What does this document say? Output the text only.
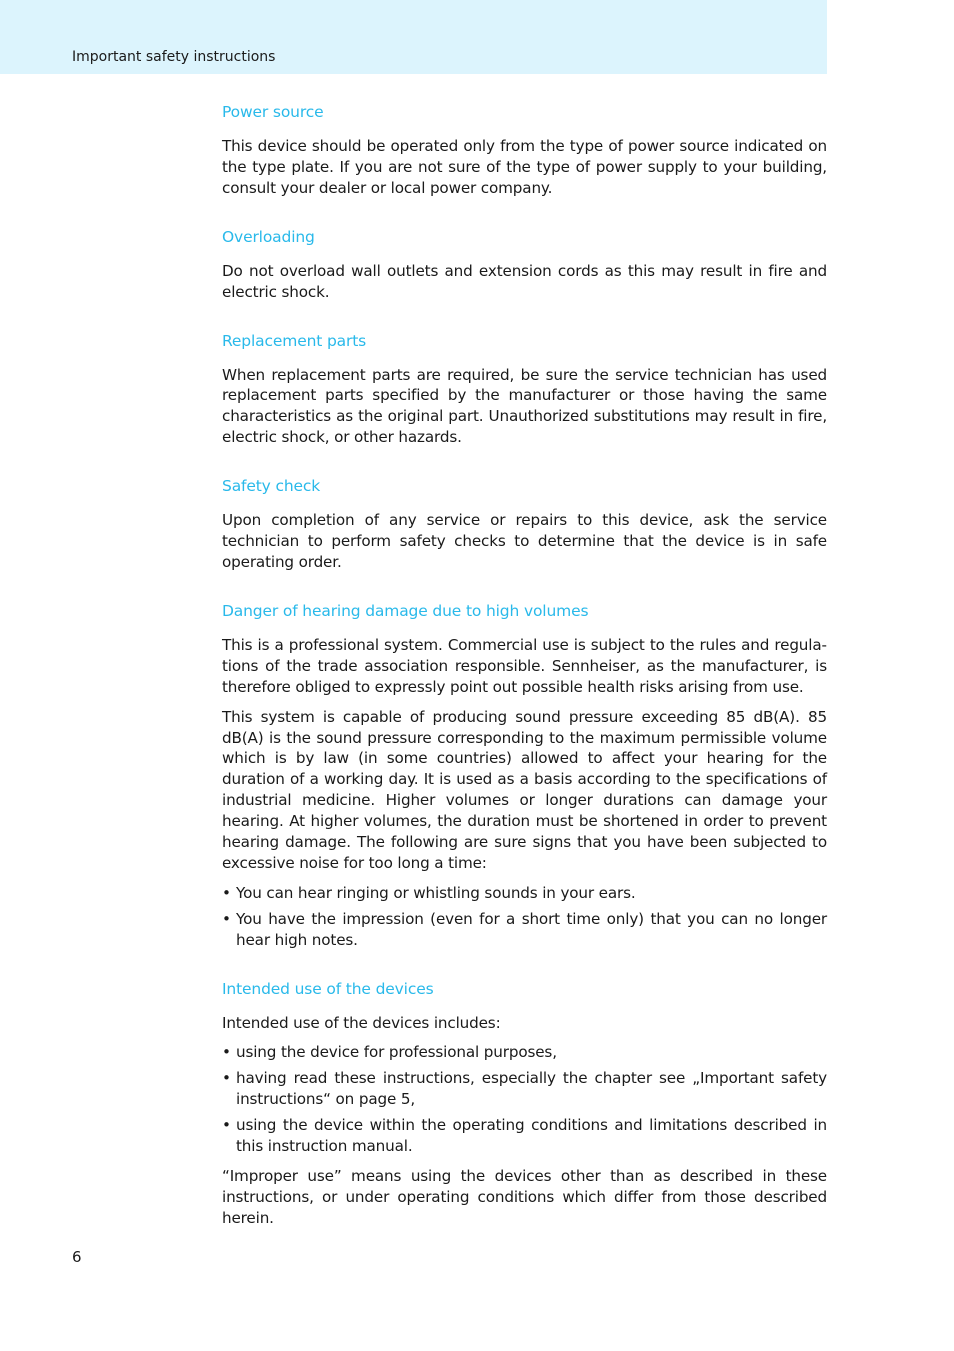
Important safety instructions
Power source

This device should be operated only from the type of power source indicated on the type plate. If you are not sure of the type of power supply to your building, consult your dealer or local power company.

Overloading

Do not overload wall outlets and extension cords as this may result in fire and electric shock.

Replacement parts

When replacement parts are required, be sure the service technician has used replacement parts specified by the manufacturer or those having the same characteristics as the original part. Unauthorized substitutions may result in fire, electric shock, or other hazards.

Safety check

Upon completion of any service or repairs to this device, ask the service technician to perform safety checks to determine that the device is in safe operating order.

Danger of hearing damage due to high volumes

This is a professional system. Commercial use is subject to the rules and regulations of the trade association responsible. Sennheiser, as the manufacturer, is therefore obliged to expressly point out possible health risks arising from use.

This system is capable of producing sound pressure exceeding 85 dB(A). 85 dB(A) is the sound pressure corresponding to the maximum permissible volume which is by law (in some countries) allowed to affect your hearing for the duration of a working day. It is used as a basis according to the specifications of industrial medicine. Higher volumes or longer durations can damage your hearing. At higher volumes, the duration must be shortened in order to prevent hearing damage. The following are sure signs that you have been subjected to excessive noise for too long a time:

• You can hear ringing or whistling sounds in your ears.
• You have the impression (even for a short time only) that you can no longer hear high notes.
Intended use of the devices

Intended use of the devices includes:

• using the device for professional purposes,
• having read these instructions, especially the chapter see „Important safety instructions“ on page 5,
• using the device within the operating conditions and limitations described in this instruction manual.

“Improper use” means using the devices other than as described in these instructions, or under operating conditions which differ from those described herein.

6
